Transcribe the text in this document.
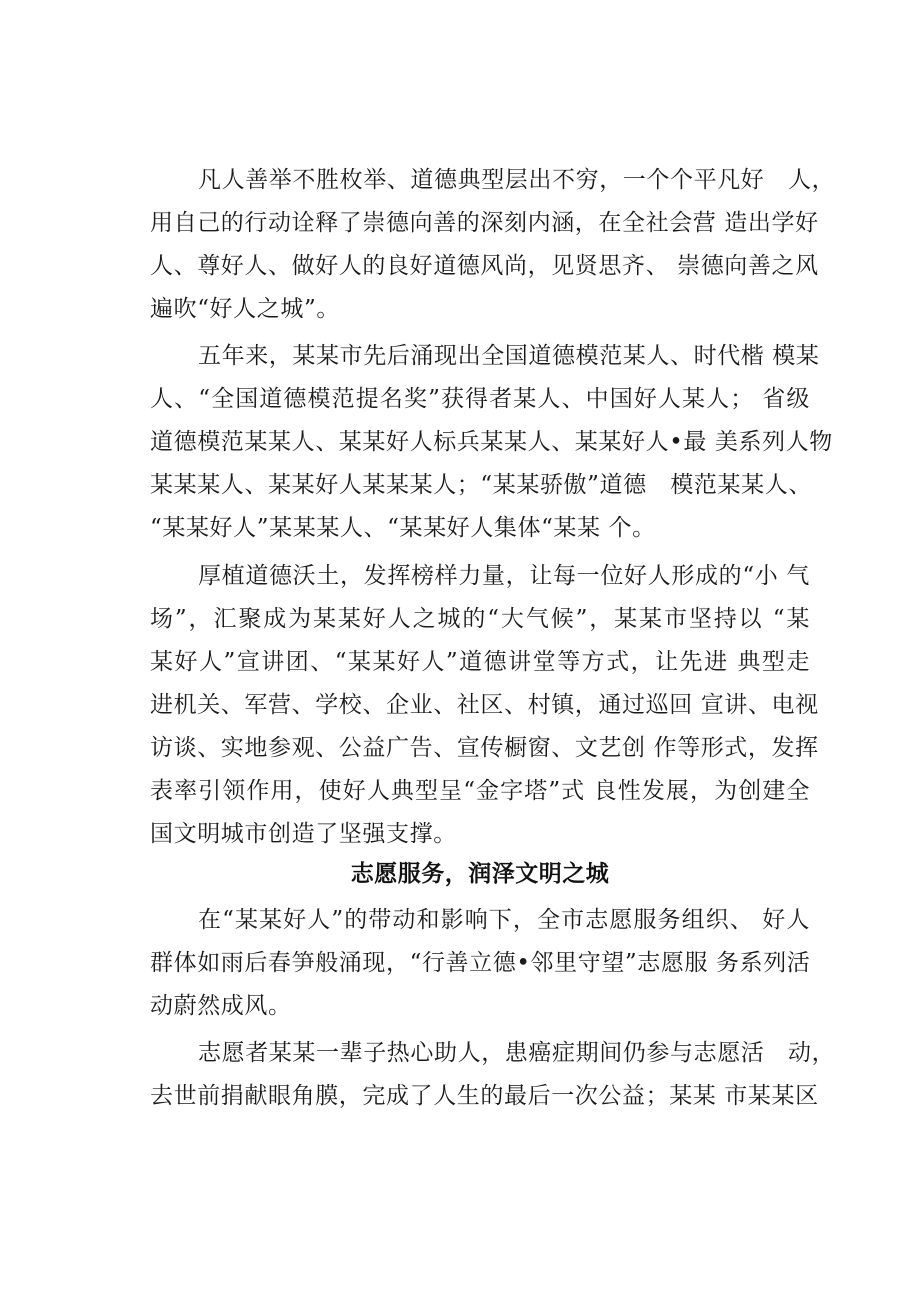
凡人善举不胜枚举、道德典型层出不穷，一个个平凡好　人，
用自己的行动诠释了崇德向善的深刻内涵，在全社会营 造出学好
人、尊好人、做好人的良好道德风尚，见贤思齐、 崇德向善之风
遍吹“好人之城”。
五年来，某某市先后涌现出全国道德模范某人、时代楷 模某
人、“全国道德模范提名奖”获得者某人、中国好人某人； 省级
道德模范某某人、某某好人标兵某某人、某某好人•最 美系列人物
某某某人、某某好人某某某人；“某某骄傲”道德　模范某某人、
“某某好人”某某某人、“某某好人集体“某某 个。
厚植道德沃土，发挥榜样力量，让每一位好人形成的“小 气
场”，汇聚成为某某好人之城的“大气候”，某某市坚持以 “某
某好人”宣讲团、“某某好人”道德讲堂等方式，让先进 典型走
进机关、军营、学校、企业、社区、村镇，通过巡回 宣讲、电视
访谈、实地参观、公益广告、宣传橱窗、文艺创 作等形式，发挥
表率引领作用，使好人典型呈“金字塔”式 良性发展，为创建全
国文明城市创造了坚强支撑。
志愿服务，润泽文明之城
在“某某好人”的带动和影响下，全市志愿服务组织、 好人
群体如雨后春笋般涌现，“行善立德•邻里守望”志愿服 务系列活
动蔚然成风。
志愿者某某一辈子热心助人，患癌症期间仍参与志愿活　动，
去世前捐献眼角膜，完成了人生的最后一次公益；某某 市某某区
